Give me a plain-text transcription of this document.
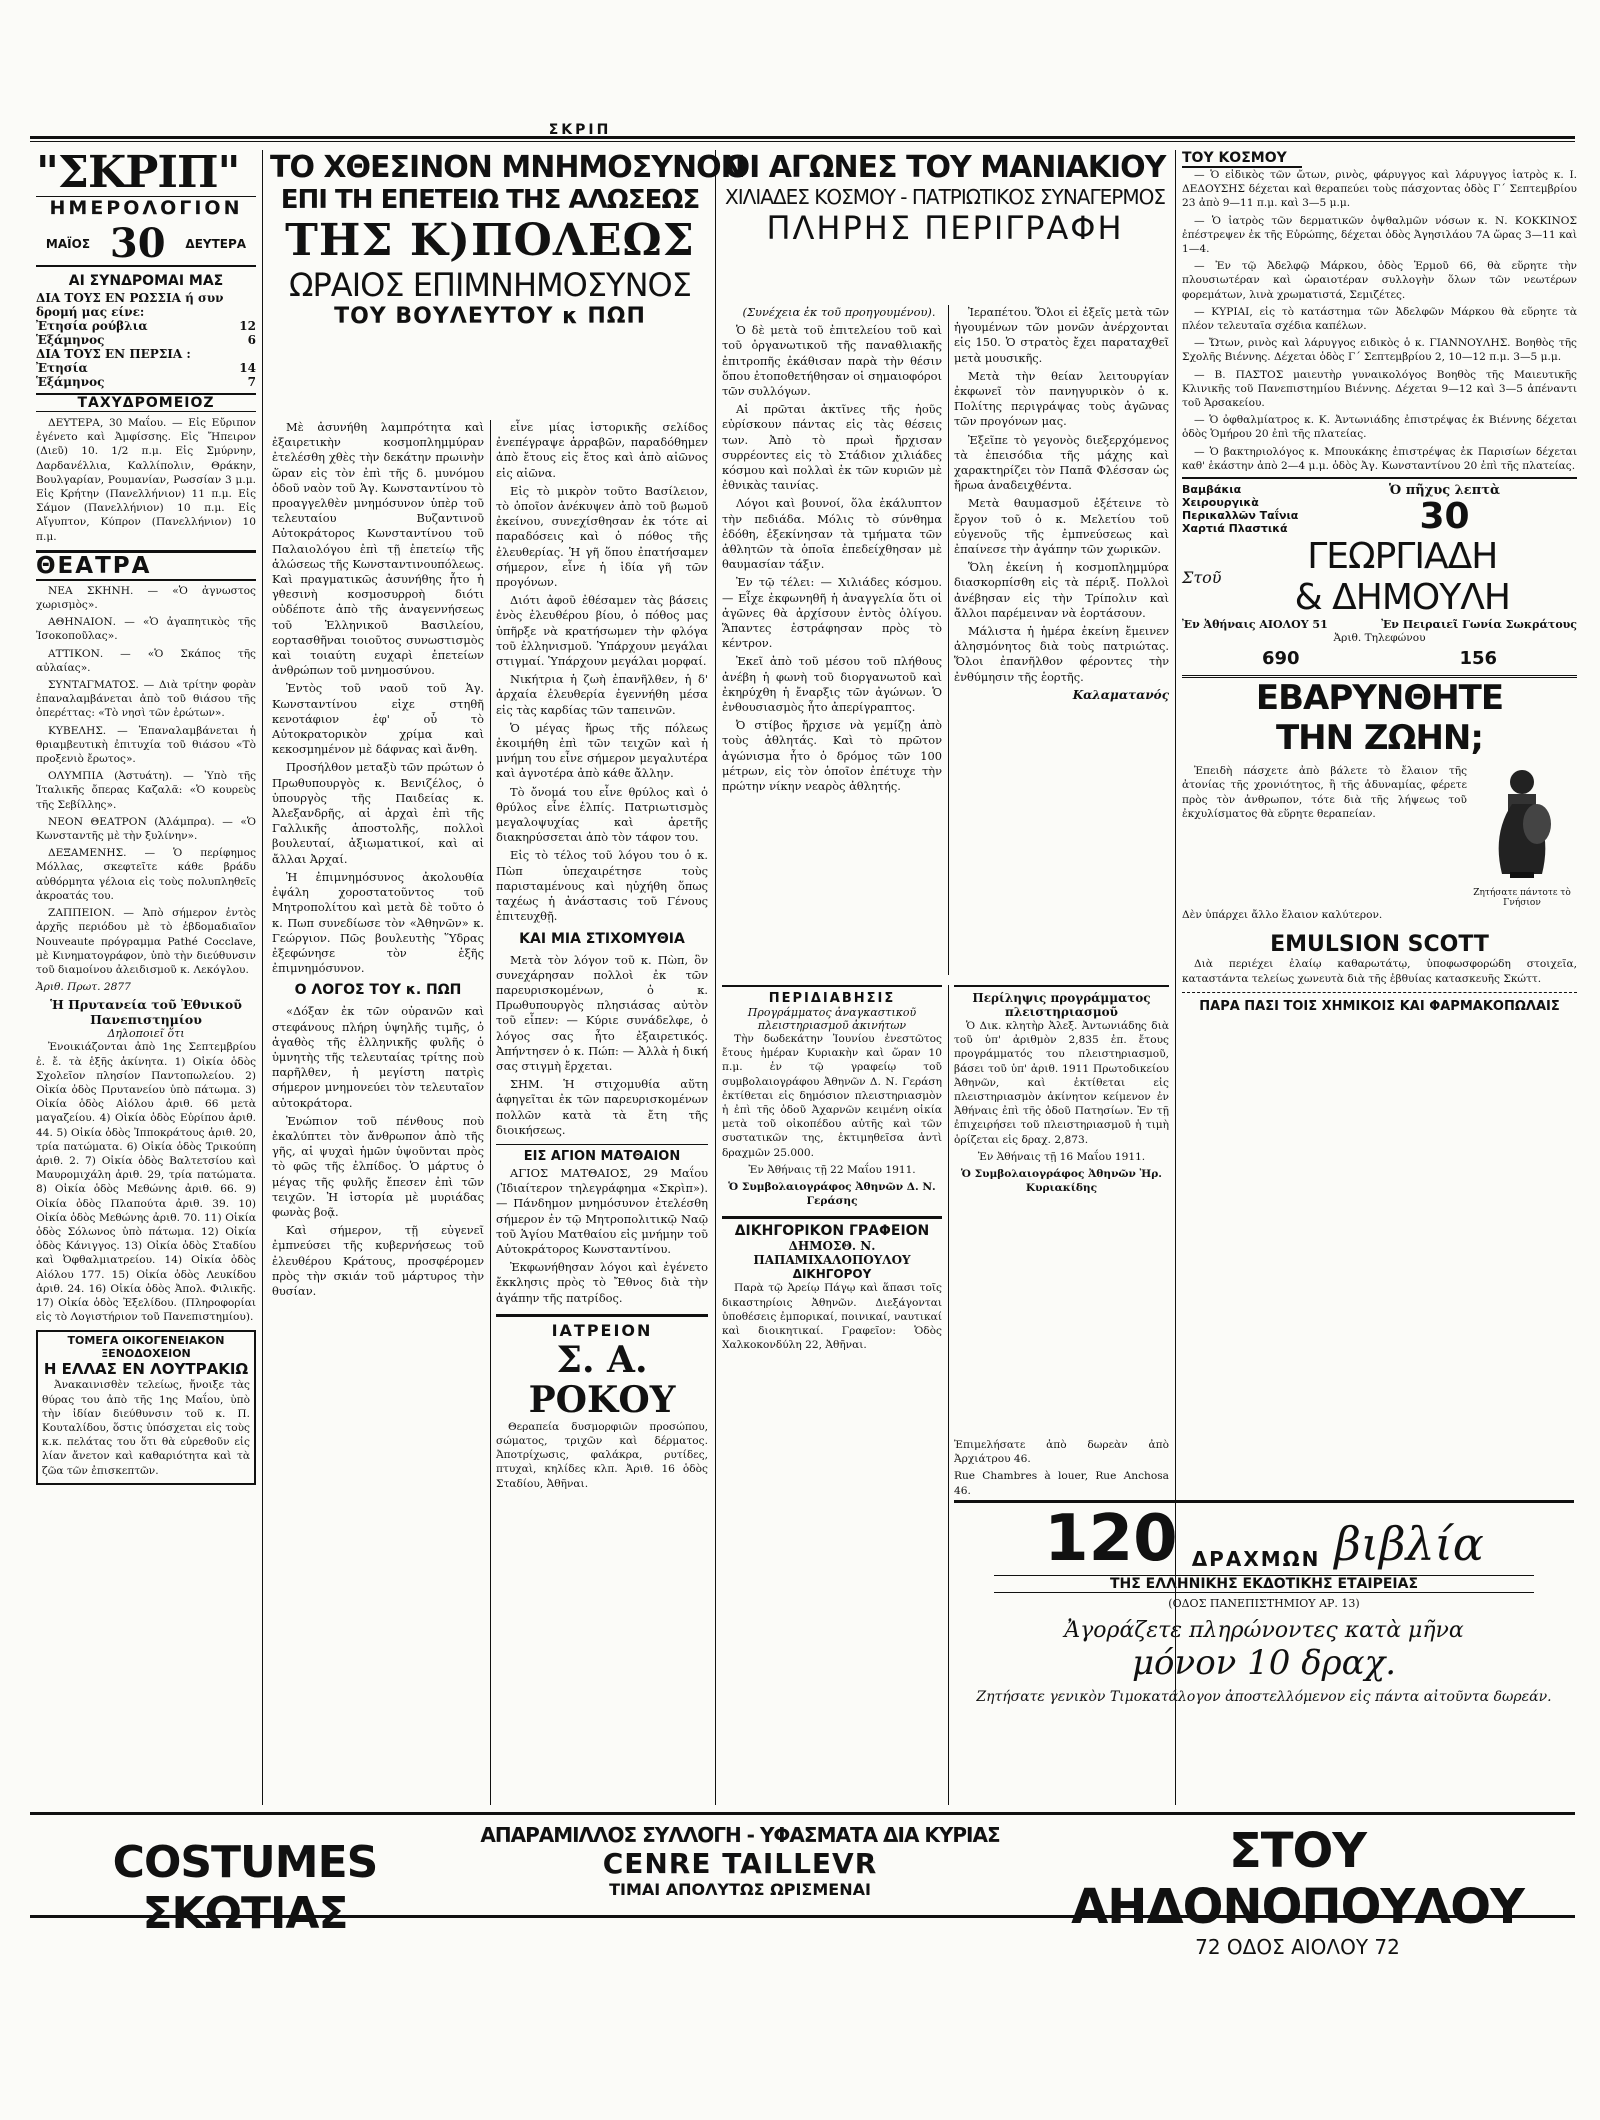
ΣΚΡΙΠ
"ΣΚΡΙΠ"
ΗΜΕΡΟΛΟΓΙΟΝ
ΜΑΪΟΣ 30 ΔΕΥΤΕΡΑ
ΑΙ ΣΥΝΔΡΟΜΑΙ ΜΑΣ
ΔΙΑ ΤΟΥΣ ΕΝ ΡΩΣΣΙΑ ή συν
δρομή μας είνε:
Ἐτησία ρούβλια	12
Ἑξάμηνος	6
ΔΙΑ ΤΟΥΣ ΕΝ ΠΕΡΣΙΑ :
Ἐτησία	14
Ἑξάμηνος	7
ΤΑΧΥΔΡΟΜΕΙΟΖ

ΔΕΥΤΕΡΑ, 30 Μαΐου. — Εἰς Εὔριπον ἐγένετο καὶ Ἀμφίσσης. Εἰς Ἤπειρον (Διεῦ) 10. 1/2 π.μ. Εἰς Σμύρνην, Δαρδανέλλια, Καλλίπολιν, Θράκην, Βουλγαρίαν, Ρουμανίαν, Ρωσσίαν 3 μ.μ. Εἰς Κρήτην (Πανελλήνιον) 11 π.μ. Εἰς Σάμον (Πανελλήνιον) 10 π.μ. Εἰς Αἴγυπτον, Κύπρον (Πανελλήνιον) 10 π.μ.

ΘΕΑΤΡΑ

ΝΕΑ ΣΚΗΝΗ. — «Ὁ ἀγνωστος χωρισμὸς».

ΑΘΗΝΑΙΟΝ. — «Ὁ ἀγαπητικὸς τῆς Ἰσοκοποῦλας».

ΑΤΤΙΚΟΝ. — «Ὁ Σκάπος τῆς αὐλαίας».

ΣΥΝΤΑΓΜΑΤΟΣ. — Διὰ τρίτην φορὰν ἐπαναλαμβάνεται ἀπὸ τοῦ θιάσου τῆς ὀπερέττας: «Τὸ νησὶ τῶν ἐρώτων».

ΚΥΒΕΛΗΣ. — Ἐπαναλαμβάνεται ἡ θριαμβευτικὴ ἐπιτυχία τοῦ θιάσου «Τὸ προξενιὸ ἔρωτος».

ΟΛΥΜΠΙΑ (Ἀστυάτη). — Ὑπὸ τῆς Ἰταλικῆς ὄπερας Καζαλᾶ: «Ὁ κουρεὺς τῆς Σεβίλλης».

ΝΕΟΝ ΘΕΑΤΡΟΝ (Ἀλάμπρα). — «Ὁ Κωνσταντῆς μὲ τὴν ξυλίνην».

ΔΕΞΑΜΕΝΗΣ. — Ὁ περίφημος Μόλλας, σκεφτεῖτε κάθε βράδυ αὐθόρμητα γέλοια εἰς τοὺς πολυπληθεῖς ἀκροατάς του.

ΖΑΠΠΕΙΟΝ. — Ἀπὸ σήμερον ἐντὸς ἀρχῆς περιόδου μὲ τὸ ἑβδομαδιαῖον Nouveaute πρόγραμμα Pathé Cocclave, μὲ Κινηματογράφον, ὑπὸ τὴν διεύθυνσιν τοῦ διαμοίνου ἀλειδισμοῦ κ. Λεκόγλου.

Ἀριθ. Πρωτ. 2877
Ἡ Πρυτανεία τοῦ Ἐθνικοῦ Πανεπιστημίου
Δηλοποιεῖ ὅτι

Ἐνοικιάζονται ἀπὸ 1ης Σεπτεμβρίου ἐ. ἔ. τὰ ἑξῆς ἀκίνητα. 1) Οἰκία ὁδὸς Σχολεῖον πλησίον Παντοπωλείου. 2) Οἰκία ὁδὸς Πρυτανείου ὑπὸ πάτωμα. 3) Οἰκία ὁδὸς Αἰόλου ἀριθ. 66 μετὰ μαγαζείου. 4) Οἰκία ὁδὸς Εὐρίπου ἀριθ. 44. 5) Οἰκία ὁδὸς Ἰπποκράτους ἀριθ. 20, τρία πατώματα. 6) Οἰκία ὁδὸς Τρικούπη ἀριθ. 2. 7) Οἰκία ὁδὸς Βαλτετσίου καὶ Μαυρομιχάλη ἀριθ. 29, τρία πατώματα. 8) Οἰκία ὁδὸς Μεθώνης ἀριθ. 66. 9) Οἰκία ὁδὸς Πλαπούτα ἀριθ. 39. 10) Οἰκία ὁδὸς Μεθώνης ἀριθ. 70. 11) Οἰκία ὁδὸς Σόλωνος ὑπὸ πάτωμα. 12) Οἰκία ὁδὸς Κάνιγγος. 13) Οἰκία ὁδὸς Σταδίου καὶ Ὀφθαλμιατρείου. 14) Οἰκία ὁδὸς Αἰόλου 177. 15) Οἰκία ὁδὸς Λευκίδου ἀριθ. 24. 16) Οἰκία ὁδὸς Ἀπολ. Φιλικῆς. 17) Οἰκία ὁδὸς Ἐξελίδου. (Πληροφορίαι εἰς τὸ Λογιστήριον τοῦ Πανεπιστημίου).

ΤΟΜΕΓΑ ΟΙΚΟΓΕΝΕΙΑΚΟΝ ΞΕΝΟΔΟΧΕΙΟΝ
Η ΕΛΛΑΣ ΕΝ ΛΟΥΤΡΑΚΙΩ

Ἀνακαινισθὲν τελείως, ἤνοιξε τὰς θύρας του ἀπὸ τῆς 1ης Μαΐου, ὑπὸ τὴν ἰδίαν διεύθυνσιν τοῦ κ. Π. Κουταλίδου, ὅστις ὑπόσχεται εἰς τοὺς κ.κ. πελάτας του ὅτι θὰ εὑρεθοῦν εἰς λίαν ἄνετον καὶ καθαριότητα καὶ τὰ ζῶα τῶν ἐπισκεπτῶν.

ΤΟ ΧΘΕΣΙΝΟΝ ΜΝΗΜΟΣΥΝΟΝ
ΕΠΙ ΤΗ ΕΠΕΤΕΙΩ ΤΗΣ ΑΛΩΣΕΩΣ
ΤΗΣ Κ)ΠΟΛΕΩΣ
ΩΡΑΙΟΣ ΕΠΙΜΝΗΜΟΣΥΝΟΣ
ΤΟΥ ΒΟΥΛΕΥΤΟΥ κ ΠΩΠ

Μὲ ἀσυνήθη λαμπρότητα καὶ ἐξαιρετικὴν κοσμοπλημμύραν ἐτελέσθη χθὲς τὴν δεκάτην πρωινὴν ὥραν εἰς τὸν ἐπὶ τῆς δ. μυνόμου ὁδοῦ ναὸν τοῦ Ἁγ. Κωνσταντίνου τὸ προαγγελθὲν μνημόσυνον ὑπὲρ τοῦ τελευταίου Βυζαντινοῦ Αὐτοκράτορος Κωνσταντίνου τοῦ Παλαιολόγου ἐπὶ τῇ ἐπετείῳ τῆς ἁλώσεως τῆς Κωνσταντινουπόλεως. Καὶ πραγματικῶς ἀσυνήθης ἦτο ἡ γθεσινὴ κοσμοσυρροὴ διότι οὐδέποτε ἀπὸ τῆς ἀναγεννήσεως τοῦ Ἑλληνικοῦ Βασιλείου, εορτασθῆναι τοιοῦτος συνωστισμὸς καὶ τοιαύτη ευχαρὶ ἐπετείων ἀνθρώπων τοῦ μνημοσύνου.

Ἐντὸς τοῦ ναοῦ τοῦ Ἁγ. Κωνσταντίνου εἰχε στηθῆ κενοτάφιον ἐφ' οὗ τὸ Αὐτοκρατορικὸν χρίμα καὶ κεκοσμημένον μὲ δάφνας καὶ ἄνθη.

Προσήλθον μεταξὺ τῶν πρώτων ὁ Πρωθυπουργὸς κ. Βενιζέλος, ὁ ὑπουργὸς τῆς Παιδείας κ. Ἀλεξανδρῆς, αἱ ἀρχαὶ ἐπὶ τῆς Γαλλικῆς ἀποστολῆς, πολλοὶ βουλευταί, ἀξιωματικοί, καὶ αἱ ἄλλαι Ἀρχαί.

Ἡ ἐπιμνημόσυνος ἀκολουθία ἐψάλη χοροστατοῦντος τοῦ Μητροπολίτου καὶ μετὰ δὲ τοῦτο ὁ κ. Πωπ συνεδίωσε τὸν «Ἀθηνῶν» κ. Γεώργιον. Πῶς βουλευτὴς Ὕδρας ἐξεφώνησε τὸν ἑξῆς ἐπιμνημόσυνον.

Ο ΛΟΓΟΣ ΤΟΥ κ. ΠΩΠ

«Δόξαν ἐκ τῶν οὐρανῶν καὶ στεφάνους πλήρη ὑψηλῆς τιμῆς, ὁ ἀγαθὸς τῆς ἑλληνικῆς φυλῆς ὁ ὑμνητὴς τῆς τελευταίας τρίτης ποὺ παρῆλθεν, ἡ μεγίστη πατρὶς σήμερον μνημονεύει τὸν τελευταῖον αὐτοκράτορα.

Ἐνώπιον τοῦ πένθους ποὺ ἐκαλύπτει τὸν ἄνθρωπον ἀπὸ τῆς γῆς, αἱ ψυχαὶ ἡμῶν ὑψοῦνται πρὸς τὸ φῶς τῆς ἐλπίδος. Ὁ μάρτυς ὁ μέγας τῆς φυλῆς ἔπεσεν ἐπὶ τῶν τειχῶν. Ἡ ἱστορία μὲ μυριάδας φωνὰς βοᾷ.

Καὶ σήμερον, τῇ εὐγενεῖ ἐμπνεύσει τῆς κυβερνήσεως τοῦ ἐλευθέρου Κράτους, προσφέρομεν πρὸς τὴν σκιάν τοῦ μάρτυρος τὴν θυσίαν.

εἶνε μίας ἱστορικῆς σελίδος ἐνεπέγραψε ἀρραβῶν, παραδόθημεν ἀπὸ ἔτους εἰς ἔτος καὶ ἀπὸ αἰῶνος εἰς αἰῶνα.

Εἰς τὸ μικρὸν τοῦτο Βασίλειον, τὸ ὁποῖον ἀνέκυψεν ἀπὸ τοῦ βωμοῦ ἐκείνου, συνεχίσθησαν ἐκ τότε αἱ παραδόσεις καὶ ὁ πόθος τῆς ἐλευθερίας. Ἡ γῆ ὅπου ἐπατήσαμεν σήμερον, εἶνε ἡ ἰδία γῆ τῶν προγόνων.

Διότι ἀφοῦ ἐθέσαμεν τὰς βάσεις ἑνὸς ἐλευθέρου βίου, ὁ πόθος μας ὑπῆρξε νὰ κρατήσωμεν τὴν φλόγα τοῦ ἐλληνισμοῦ. Ὑπάρχουν μεγάλαι στιγμαί. Ὑπάρχουν μεγάλαι μορφαί.

Νικήτρια ἡ ζωὴ ἐπανῆλθεν, ἡ δ' ἀρχαία ἐλευθερία ἐγεννήθη μέσα εἰς τὰς καρδίας τῶν ταπεινῶν.

Ὁ μέγας ἥρως τῆς πόλεως ἐκοιμήθη ἐπὶ τῶν τειχῶν καὶ ἡ μνήμη του εἶνε σήμερον μεγαλυτέρα καὶ ἀγνοτέρα ἀπὸ κάθε ἄλλην.

Τὸ ὄνομά του εἶνε θρύλος καὶ ὁ θρύλος εἶνε ἐλπίς. Πατριωτισμὸς μεγαλοψυχίας καὶ ἀρετῆς διακηρύσσεται ἀπὸ τὸν τάφον του.

Εἰς τὸ τέλος τοῦ λόγου του ὁ κ. Πὼπ ὑπεχαιρέτησε τοὺς παρισταμένους καὶ ηὐχήθη ὅπως ταχέως ἡ ἀνάστασις τοῦ Γένους ἐπιτευχθῇ.

ΚΑΙ ΜΙΑ ΣΤΙΧΟΜΥΘΙΑ

Μετὰ τὸν λόγον τοῦ κ. Πὼπ, ὃν συνεχάρησαν πολλοὶ ἐκ τῶν παρευρισκομένων, ὁ κ. Πρωθυπουργὸς πλησιάσας αὐτὸν τοῦ εἶπεν: — Κύριε συνάδελφε, ὁ λόγος σας ἦτο ἐξαιρετικός. Ἀπήντησεν ὁ κ. Πώπ: — Ἀλλὰ ἡ δική σας στιγμὴ ἔρχεται.

ΣΗΜ. Ἡ στιχομυθία αὕτη ἀφηγεῖται ἐκ τῶν παρευρισκομένων πολλῶν κατὰ τὰ ἔτη τῆς διοικήσεως.

ΕΙΣ ΑΓΙΟΝ ΜΑΤΘΑΙΟΝ

ΑΓΙΟΣ ΜΑΤΘΑΙΟΣ, 29 Μαΐου (Ἰδιαίτερον τηλεγράφημα «Σκρὶπ»). — Πάνδημον μνημόσυνον ἐτελέσθη σήμερον ἐν τῷ Μητροπολιτικῷ Ναῷ τοῦ Ἁγίου Ματθαίου εἰς μνήμην τοῦ Αὐτοκράτορος Κωνσταντίνου.

Ἐκφωνήθησαν λόγοι καὶ ἐγένετο ἔκκλησις πρὸς τὸ Ἔθνος διὰ τὴν ἀγάπην τῆς πατρίδος.

ΙΑΤΡΕΙΟΝ
Σ. Α. ΡΟΚΟΥ

Θεραπεία δυσμορφιῶν προσώπου, σώματος, τριχῶν καὶ δέρματος. Ἀποτρίχωσις, φαλάκρα, ρυτίδες, πτυχαὶ, κηλίδες κλπ. Ἀριθ. 16 ὁδὸς Σταδίου, Ἀθῆναι.

ΟΙ ΑΓΩΝΕΣ ΤΟΥ ΜΑΝΙΑΚΙΟΥ
ΧΙΛΙΑΔΕΣ ΚΟΣΜΟΥ - ΠΑΤΡΙΩΤΙΚΟΣ ΣΥΝΑΓΕΡΜΟΣ
ΠΛΗΡΗΣ ΠΕΡΙΓΡΑΦΗ

(Συνέχεια ἐκ τοῦ προηγουμένου).

Ὁ δὲ μετὰ τοῦ ἐπιτελείου τοῦ καὶ τοῦ ὀργανωτικοῦ τῆς παναθλιακῆς ἐπιτροπῆς ἐκάθισαν παρὰ τὴν θέσιν ὅπου ἐτοποθετήθησαν οἱ σημαιοφόροι τῶν συλλόγων.

Αἱ πρῶται ἀκτῖνες τῆς ἡοῦς εὐρίσκουν πάντας εἰς τὰς θέσεις των. Ἀπὸ τὸ πρωὶ ἤρχισαν συρρέοντες εἰς τὸ Στάδιον χιλιάδες κόσμου καὶ πολλαὶ ἐκ τῶν κυριῶν μὲ ἐθνικὰς ταινίας.

Λόγοι καὶ βουνοί, ὅλα ἐκάλυπτον τὴν πεδιάδα. Μόλις τὸ σύνθημα ἐδόθη, ἐξεκίνησαν τὰ τμήματα τῶν ἀθλητῶν τὰ ὁποῖα ἐπεδείχθησαν μὲ θαυμασίαν τάξιν.

Ἐν τῷ τέλει: — Χιλιάδες κόσμου. — Εἶχε ἐκφωνηθῆ ἡ ἀναγγελία ὅτι οἱ ἀγῶνες θὰ ἀρχίσουν ἐντὸς ὀλίγου. Ἅπαντες ἐστράφησαν πρὸς τὸ κέντρον.

Ἐκεῖ ἀπὸ τοῦ μέσου τοῦ πλήθους ἀνέβη ἡ φωνὴ τοῦ διοργανωτοῦ καὶ ἐκηρύχθη ἡ ἔναρξις τῶν ἀγώνων. Ὁ ἐνθουσιασμὸς ἦτο ἀπερίγραπτος.

Ὀ στίβος ἤρχισε νὰ γεμίζῃ ἀπὸ τοὺς ἀθλητάς. Καὶ τὸ πρῶτον ἀγώνισμα ἦτο ὁ δρόμος τῶν 100 μέτρων, εἰς τὸν ὁποῖον ἐπέτυχε τὴν πρώτην νίκην νεαρὸς ἀθλητής.

Ἰεραπέτου. Ὅλοι εἰ ἐξεῖς μετὰ τῶν ἡγουμένων τῶν μονῶν ἀνέρχονται εἰς 150. Ὁ στρατὸς ἔχει παραταχθεῖ μετὰ μουσικῆς.

Μετὰ τὴν θείαν λειτουργίαν ἐκφωνεῖ τὸν πανηγυρικὸν ὁ κ. Πολίτης περιγράψας τοὺς ἀγῶνας τῶν προγόνων μας.

Ἐξεῖπε τὸ γεγονὸς διεξερχόμενος τὰ ἐπεισόδια τῆς μάχης καὶ χαρακτηρίζει τὸν Παπᾶ Φλέσσαν ὡς ἥρωα ἀναδειχθέντα.

Μετὰ θαυμασμοῦ ἐξέτεινε τὸ ἔργον τοῦ ὁ κ. Μελετίου τοῦ εὐγενοῦς τῆς ἐμπνεύσεως καὶ ἐπαίνεσε τὴν ἀγάπην τῶν χωρικῶν.

Ὅλη ἐκείνη ἡ κοσμοπλημμύρα διασκορπίσθη εἰς τὰ πέριξ. Πολλοὶ ἀνέβησαν εἰς τὴν Τρίπολιν καὶ ἄλλοι παρέμειναν νὰ ἑορτάσουν.

Μάλιστα ἡ ἡμέρα ἐκείνη ἔμεινεν ἀλησμόνητος διὰ τοὺς πατριώτας. Ὅλοι ἐπανῆλθον φέροντες τὴν ἐνθύμησιν τῆς ἑορτῆς.

Καλαματανός
ΠΕΡΙΔΙΑΒΗΣΙΣ
Προγράμματος ἀναγκαστικοῦ πλειστηριασμοῦ ἀκινήτων

Τὴν δωδεκάτην Ἰουνίου ἐνεστῶτος ἔτους ἡμέραν Κυριακὴν καὶ ὥραν 10 π.μ. ἐν τῷ γραφείῳ τοῦ συμβολαιογράφου Ἀθηνῶν Δ. Ν. Γεράση ἐκτίθεται εἰς δημόσιον πλειστηριασμὸν ἡ ἐπὶ τῆς ὁδοῦ Ἀχαρνῶν κειμένη οἰκία μετὰ τοῦ οἰκοπέδου αὐτῆς καὶ τῶν συστατικῶν της, ἐκτιμηθεῖσα ἀντὶ δραχμῶν 25.000.

Ἐν Ἀθήναις τῇ 22 Μαΐου 1911.
Ὁ Συμβολαιογράφος Ἀθηνῶν Δ. Ν. Γεράσης
ΔΙΚΗΓΟΡΙΚΟΝ ΓΡΑΦΕΙΟΝ
ΔΗΜΟΣΘ. Ν. ΠΑΠΑΜΙΧΑΛΟΠΟΥΛΟΥ
ΔΙΚΗΓΟΡΟΥ

Παρὰ τῷ Ἀρείῳ Πάγῳ καὶ ἅπασι τοῖς δικαστηρίοις Ἀθηνῶν. Διεξάγονται ὑποθέσεις ἐμπορικαί, ποινικαί, ναυτικαί καὶ διοικητικαί. Γραφεῖον: Ὁδὸς Χαλκοκονδύλη 22, Ἀθῆναι.

Περίληψις προγράμματος πλειστηριασμοῦ

Ὁ Δικ. κλητὴρ Ἀλεξ. Ἀντωνιάδης διὰ τοῦ ὑπ' ἀριθμὸν 2,835 ἐπ. ἔτους προγράμματός του πλειστηριασμοῦ, βάσει τοῦ ὑπ' ἀριθ. 1911 Πρωτοδικείου Ἀθηνῶν, καὶ ἐκτίθεται εἰς πλειστηριασμὸν ἀκίνητον κείμενον ἐν Ἀθήναις ἐπὶ τῆς ὁδοῦ Πατησίων. Ἐν τῇ ἐπιχειρήσει τοῦ πλειστηριασμοῦ ἡ τιμὴ ὁρίζεται εἰς δραχ. 2,873.

Ἐν Ἀθήναις τῇ 16 Μαΐου 1911.
Ὁ Συμβολαιογράφος Ἀθηνῶν Ἠρ. Κυριακίδης
ΤΟΥ ΚΟΣΜΟΥ

— Ὁ εἰδικὸς τῶν ὤτων, ρινὸς, φάρυγγος καὶ λάρυγγος ἰατρὸς κ. Ι. ΔΕΔΟΥΣΗΣ δέχεται καὶ θεραπεύει τοὺς πάσχοντας ὁδὸς Γ΄ Σεπτεμβρίου 23 ἀπὸ 9—11 π.μ. καὶ 3—5 μ.μ.

— Ὁ ἰατρὸς τῶν δερματικῶν ὀψθαλμῶν νόσων κ. Ν. ΚΟΚΚΙΝΟΣ ἐπέστρεψεν ἐκ τῆς Εὐρώπης, δέχεται ὁδὸς Ἀγησιλάου 7Α ὥρας 3—11 καὶ 1—4.

— Ἐν τῷ Ἀδελφῷ Μάρκου, ὁδὸς Ἑρμοῦ 66, θὰ εὕρητε τὴν πλουσιωτέραν καὶ ὡραιοτέραν συλλογὴν ὅλων τῶν νεωτέρων φορεμάτων, λινὰ χρωματιστά, Σεμιζέτες.

— ΚΥΡΙΑΙ, εἰς τὸ κατάστημα τῶν Ἀδελφῶν Μάρκου θὰ εὕρητε τὰ πλέον τελευταῖα σχέδια καπέλων.

— Ὤτων, ρινὸς καὶ λάρυγγος ειδικὸς ὁ κ. ΓΙΑΝΝΟΥΛΗΣ. Βοηθὸς τῆς Σχολῆς Βιέννης. Δέχεται ὁδὸς Γ΄ Σεπτεμβρίου 2, 10—12 π.μ. 3—5 μ.μ.

— Β. ΠΑΣΤΟΣ μαιευτὴρ γυναικολόγος Βοηθὸς τῆς Μαιευτικῆς Κλινικῆς τοῦ Πανεπιστημίου Βιέννης. Δέχεται 9—12 καὶ 3—5 ἀπέναντι τοῦ Ἀρσακείου.

— Ὁ ὀφθαλμίατρος κ. Κ. Ἀντωνιάδης ἐπιστρέψας ἐκ Βιέννης δέχεται ὁδὸς Ὁμήρου 20 ἐπὶ τῆς πλατείας.

— Ὁ βακτηριολόγος κ. Μπουκάκης ἐπιστρέψας ἐκ Παρισίων δέχεται καθ' ἑκάστην ἀπὸ 2—4 μ.μ. ὁδὸς Ἀγ. Κωνσταντίνου 20 ἐπὶ τῆς πλατείας.

Βαμβάκια Χειρουργικὰ Περικαλλῶν Ταΐνια Χαρτιά Πλαστικά
Ὁ πῆχυς λεπτὰ
30
Στοῦ	ΓΕΩΡΓΙΑΔΗ
& ΔΗΜΟΥΛΗ
Ἐν Ἀθήναις ΑΙΟΛΟΥ 51	Ἐν Πειραιεῖ Γωνία Σωκράτους
Ἀριθ. Τηλεφώνου
690	156
ΕΒΑΡΥΝΘΗΤΕ
ΤΗΝ ΖΩΗΝ;

Ἐπειδὴ πάσχετε ἀπὸ βάλετε τὸ ἔλαιον τῆς ἀτονίας τῆς χρονιότητος, ἢ τῆς ἀδυναμίας, φέρετε πρὸς τὸν ἀνθρωπον, τότε διὰ τῆς λήψεως τοῦ ἐκχυλίσματος θὰ εὕρητε θεραπείαν.

Ζητήσατε πάντοτε τὸ Γνήσιον
Δὲν ὑπάρχει ἄλλο ἔλαιον καλύτερον.
EMULSION SCOTT

Διὰ περιέχει ἐλαίῳ καθαρωτάτῳ, ὑποφωσφορώδη στοιχεῖα, καταστάντα τελείως χωνευτὰ διὰ τῆς ἐβθυίας κατασκευῆς Σκώττ.

ΠΑΡΑ ΠΑΣΙ ΤΟΙΣ ΧΗΜΙΚΟΙΣ ΚΑΙ ΦΑΡΜΑΚΟΠΩΛΑΙΣ
Ἐπιμελήσατε ἀπὸ δωρεὰν ἀπὸ Ἀρχιάτρου 46.
Rue Chambres à louer, Rue Anchosa 46.
120 ΔΡΑΧΜΩΝ βιβλία
ΤΗΣ ΕΛΛΗΝΙΚΗΣ ΕΚΔΟΤΙΚΗΣ ΕΤΑΙΡΕΙΑΣ
(ΟΔΟΣ ΠΑΝΕΠΙΣΤΗΜΙΟΥ ΑΡ. 13)
Ἀγοράζετε πληρώνοντες κατὰ μῆνα
μόνον 10 δραχ.
Ζητήσατε γενικὸν Τιμοκατάλογον ἀποστελλόμενον εἰς πάντα αἰτοῦντα δωρεάν.
COSTUMES ΣΚΩΤΙΑΣ
ΑΠΑΡΑΜΙΛΛΟΣ ΣΥΛΛΟΓΗ - ΥΦΑΣΜΑΤΑ ΔΙΑ ΚΥΡΙΑΣ
CENRE TAILLEVR
ΤΙΜΑΙ ΑΠΟΛΥΤΩΣ ΩΡΙΣΜΕΝΑΙ
ΣΤΟΥ ΑΗΔΟΝΟΠΟΥΛΟΥ
72 ΟΔΟΣ ΑΙΟΛΟΥ 72
